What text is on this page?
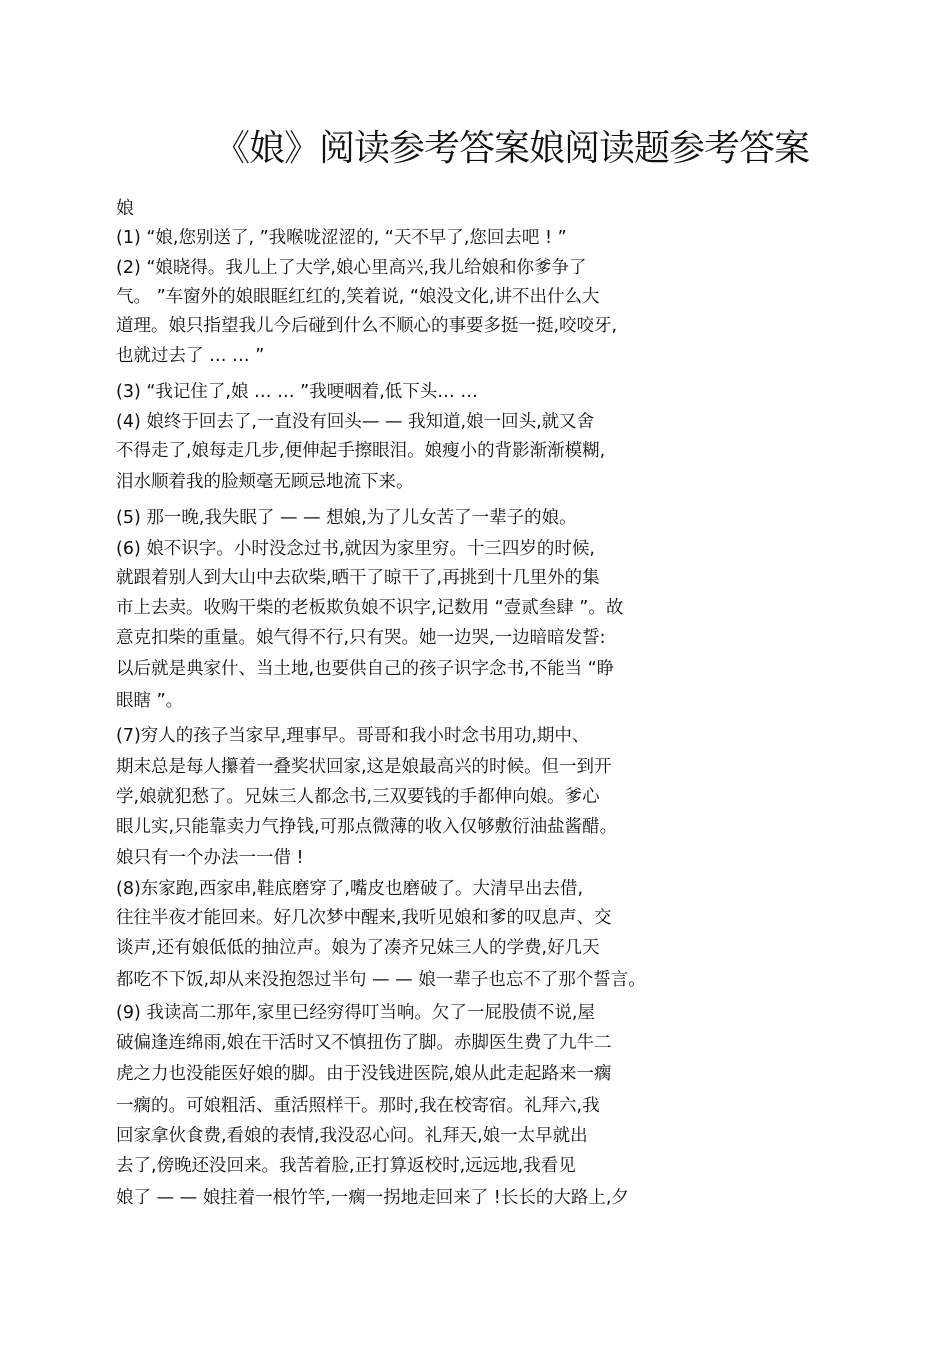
《娘》阅读参考答案娘阅读题参考答案
娘
(1) “娘,您别送了, ”我喉咙涩涩的, “天不早了,您回去吧 ! ”
(2) “娘晓得。我儿上了大学,娘心里高兴,我儿给娘和你爹争了
气。 ”车窗外的娘眼眶红红的,笑着说, “娘没文化,讲不出什么大
道理。娘只指望我儿今后碰到什么不顺心的事要多挺一挺,咬咬牙,
也就过去了 … … ”
(3) “我记住了,娘 … … ”我哽咽着,低下头… …
(4) 娘终于回去了,一直没有回头— — 我知道,娘一回头,就又舍
不得走了,娘每走几步,便伸起手擦眼泪。娘瘦小的背影渐渐模糊,
泪水顺着我的脸颊毫无顾忌地流下来。
(5) 那一晚,我失眠了 — — 想娘,为了儿女苦了一辈子的娘。
(6) 娘不识字。小时没念过书,就因为家里穷。十三四岁的时候,
就跟着别人到大山中去砍柴,晒干了晾干了,再挑到十几里外的集
市上去卖。收购干柴的老板欺负娘不识字,记数用 “壹贰叁肆 ”。故
意克扣柴的重量。娘气得不行,只有哭。她一边哭,一边暗暗发誓:
以后就是典家什、当土地,也要供自己的孩子识字念书,不能当 “睁
眼瞎 ”。
(7)穷人的孩子当家早,理事早。哥哥和我小时念书用功,期中、
期末总是每人攥着一叠奖状回家,这是娘最高兴的时候。但一到开
学,娘就犯愁了。兄妹三人都念书,三双要钱的手都伸向娘。爹心
眼儿实,只能靠卖力气挣钱,可那点微薄的收入仅够敷衍油盐酱醋。
娘只有一个办法一一借 !
(8)东家跑,西家串,鞋底磨穿了,嘴皮也磨破了。大清早出去借,
往往半夜才能回来。好几次梦中醒来,我听见娘和爹的叹息声、交
谈声,还有娘低低的抽泣声。娘为了凑齐兄妹三人的学费,好几天
都吃不下饭,却从来没抱怨过半句 — — 娘一辈子也忘不了那个誓言。
(9) 我读高二那年,家里已经穷得叮当响。欠了一屁股债不说,屋
破偏逢连绵雨,娘在干活时又不慎扭伤了脚。赤脚医生费了九牛二
虎之力也没能医好娘的脚。由于没钱进医院,娘从此走起路来一瘸
一瘸的。可娘粗活、重活照样干。那时,我在校寄宿。礼拜六,我
回家拿伙食费,看娘的表情,我没忍心问。礼拜天,娘一太早就出
去了,傍晚还没回来。我苦着脸,正打算返校时,远远地,我看见
娘了 — — 娘拄着一根竹竿,一瘸一拐地走回来了 !长长的大路上,夕
